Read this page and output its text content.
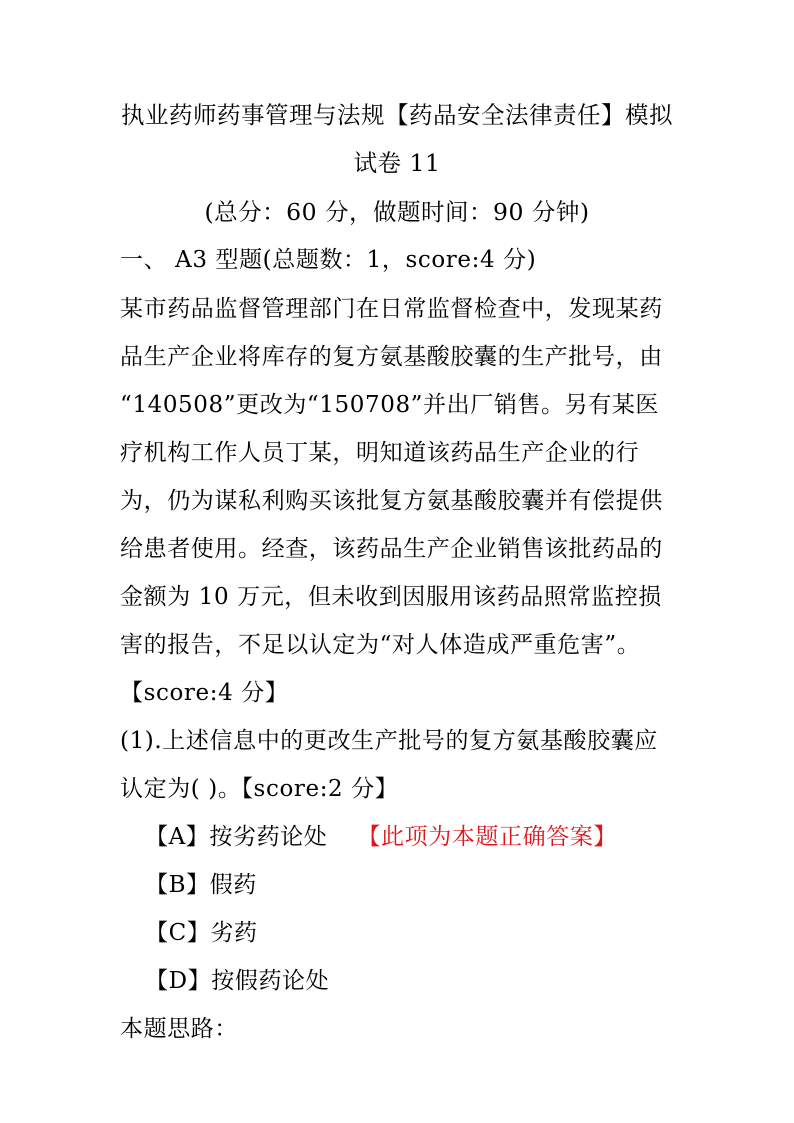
执业药师药事管理与法规【药品安全法律责任】模拟
试卷 11
(总分：60 分，做题时间：90 分钟)
一、 A3 型题(总题数：1，score:4 分)
某市药品监督管理部门在日常监督检查中，发现某药
品生产企业将库存的复方氨基酸胶囊的生产批号，由
“140508”更改为“150708”并出厂销售。另有某医
疗机构工作人员丁某，明知道该药品生产企业的行
为，仍为谋私利购买该批复方氨基酸胶囊并有偿提供
给患者使用。经查，该药品生产企业销售该批药品的
金额为 10 万元，但未收到因服用该药品照常监控损
害的报告，不足以认定为“对人体造成严重危害”。
【score:4 分】
(1).上述信息中的更改生产批号的复方氨基酸胶囊应
认定为( )。【score:2 分】
【A】按劣药论处 【此项为本题正确答案】
【B】假药
【C】劣药
【D】按假药论处
本题思路：
